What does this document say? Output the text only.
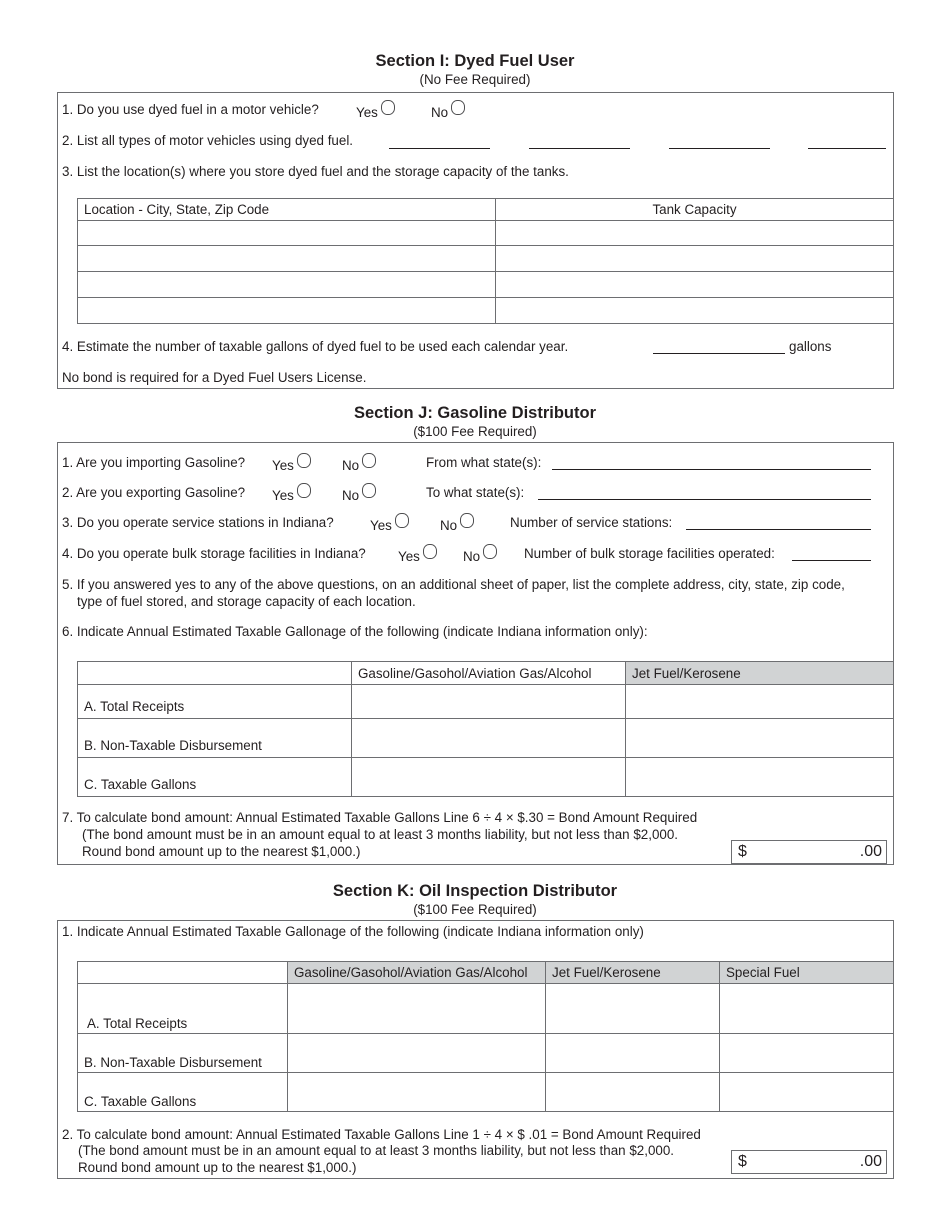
Section I: Dyed Fuel User
(No Fee Required)
1. Do you use dyed fuel in a motor vehicle?	Yes	No
2. List all types of motor vehicles using dyed fuel.
3. List the location(s) where you store dyed fuel and the storage capacity of the tanks.
Location - City, State, Zip Code	Tank Capacity

4. Estimate the number of taxable gallons of dyed fuel to be used each calendar year.	gallons
No bond is required for a Dyed Fuel Users License.
Section J: Gasoline Distributor
($100 Fee Required)
1. Are you importing Gasoline? Yes	No	From what state(s):
2. Are you exporting Gasoline? Yes	No	To what state(s):
3. Do you operate service stations in Indiana?	Yes	No	Number of service stations:
4. Do you operate bulk storage facilities in Indiana? Yes	No	Number of bulk storage facilities operated:
5. If you answered yes to any of the above questions, on an additional sheet of paper, list the complete address, city, state, zip code,
type of fuel stored, and storage capacity of each location.
6. Indicate Annual Estimated Taxable Gallonage of the following (indicate Indiana information only):
	Gasoline/Gasohol/Aviation Gas/Alcohol	Jet Fuel/Kerosene
A. Total Receipts		
B. Non-Taxable Disbursement		
C. Taxable Gallons		
7. To calculate bond amount: Annual Estimated Taxable Gallons Line 6 ÷ 4 × $.30 = Bond Amount Required
(The bond amount must be in an amount equal to at least 3 months liability, but not less than $2,000.
Round bond amount up to the nearest $1,000.)	$	.00
Section K: Oil Inspection Distributor
($100 Fee Required)
1. Indicate Annual Estimated Taxable Gallonage of the following (indicate Indiana information only)
	Gasoline/Gasohol/Aviation Gas/Alcohol	Jet Fuel/Kerosene	Special Fuel
A. Total Receipts			
B. Non-Taxable Disbursement			
C. Taxable Gallons			
2. To calculate bond amount: Annual Estimated Taxable Gallons Line 1 ÷ 4 × $ .01 = Bond Amount Required
(The bond amount must be in an amount equal to at least 3 months liability, but not less than $2,000.
Round bond amount up to the nearest $1,000.)	$	.00
